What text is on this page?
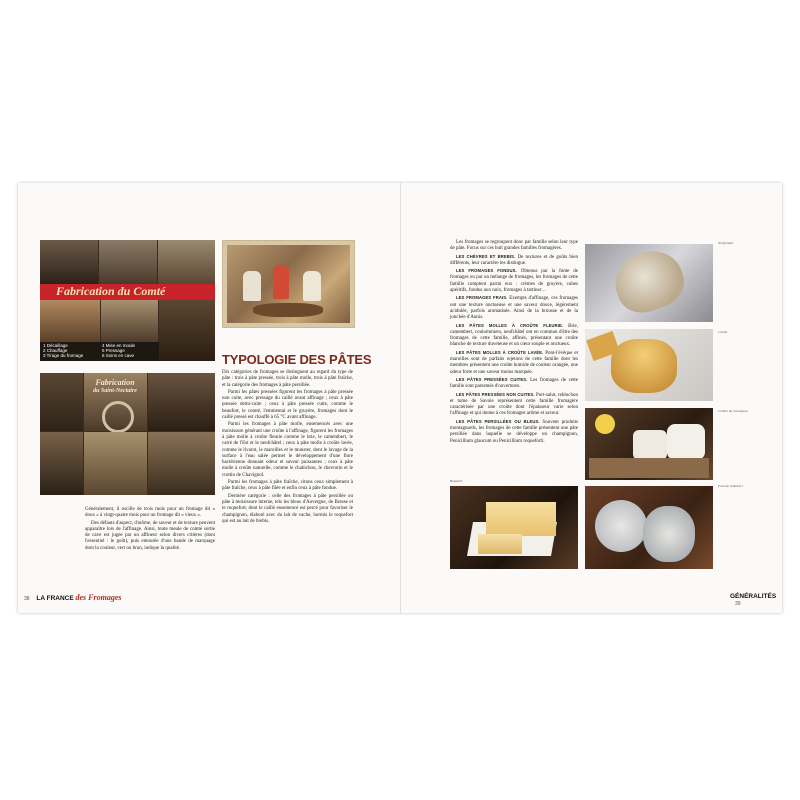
Fabrication du Comté
1 Décaillage
2 Chauffage
3 Tirage du fromage
4 Mise en moule
5 Pressage
6 Soins en cave
Fabrication
du Saint-Nectaire

Généralement, il oscille de trois mois pour un fromage dit « doux » à vingt-quatre mois pour un fromage dit « vieux ».

Des défauts d'aspect, d'arôme, de saveur et de texture peuvent apparaître lors de l'affinage. Ainsi, toute meule de comté sortie de cave est jugée par un affineur selon divers critères (dont l'essentiel : le goût), puis entourée d'une bande de marquage dont la couleur, vert ou brun, indique la qualité.

TYPOLOGIE DES PÂTES

Dix catégories de fromages se distinguent au regard du type de pâte : trois à pâte pressée, trois à pâte molle, trois à pâte fraîche, et la catégorie des fromages à pâte persillée.

Parmi les pâtes pressées figurent les fromages à pâte pressée non cuite, avec pressage du caillé avant affinage ; ceux à pâte pressée demi-cuite ; ceux à pâte pressée cuite, comme le beaufort, le comté, l'emmental et le gruyère, fromages dont le caillé pressé est chauffé à 65 °C avant affinage.

Parmi les fromages à pâte molle, ensemencés avec une moisissure générant une croûte à l'affinage, figurent les fromages à pâte molle à croûte fleurie comme le brie, le camembert, le carré de l'Est et le neufchâtel ; ceux à pâte molle à croûte lavée, comme le livarot, le maroilles et le munster, dont le lavage de la surface à l'eau salée permet le développement d'une flore bactérienne donnant odeur et saveur puissantes ; ceux à pâte molle à croûte naturelle, comme le chabichou, le chevrotin et le crottin de Chavignol.

Parmi les fromages à pâte fraîche, citons ceux simplement à pâte fraîche, ceux à pâte filée et enfin ceux à pâte fondue.

Dernière catégorie : celle des fromages à pâte persillée ou pâte à moisissure interne, tels les bleus d'Auvergne, de Bresse et le roquefort, dont le caillé ensemencé est percé pour favoriser le champignon, élaboré avec du lait de vache, hormis le roquefort qui est au lait de brebis.

38 LA FRANCE des Fromages

Les fromages se regroupent donc par famille selon leur type de pâte. Focus sur ces huit grandes familles fromagères.

LES CHÈVRES ET BREBIS. De textures et de goûts bien différents, leur caractère les distingue.

LES FROMAGES FONDUS. Obtenus par la fonte de fromages ou par un mélange de fromages, les fromages de cette famille comptent parmi eux : crèmes de gruyère, cubes apéritifs, fondus aux noix, fromages à tartiner…

LES FROMAGES FRAIS. Exempts d'affinage, ces fromages ont une texture onctueuse et une saveur douce, légèrement acidulée, parfois aromatisée. Ainsi de la brousse et de la jonchée d'Aunis.

LES PÂTES MOLLES À CROÛTE FLEURIE. Brie, camembert, coulommiers, neufchâtel ont en commun d'être des fromages de cette famille, affinés, présentant une croûte blanche de texture duveteuse et un cœur souple et onctueux.

LES PÂTES MOLLES À CROÛTE LAVÉE. Pont-l'évêque et maroilles sont de parfaits rejetons de cette famille dont les membres présentent une croûte humide de couleur orangée, une odeur forte et une saveur moins marquée.

LES PÂTES PRESSÉES CUITES. Les fromages de cette famille sont parsemés d'ouvertures.

LES PÂTES PRESSÉES NON CUITES. Port-salut, reblochon et tome de Savoie représentent cette famille fromagère caractérisée par une croûte dont l'épaisseur varie selon l'affinage et qui donne à ces fromages arôme et saveur.

LES PÂTES PERSILLÉES OU BLEUS. Souvent produits montagnards, les fromages de cette famille présentent une pâte persillée dans laquelle se développe un champignon, Penicillium glaucum ou Penicillium roqueforti.

Neufchâtel
Comté
Crottin de Chavignol
Beaufort
Fourme d'Ambert
GÉNÉRALITÉS 39
